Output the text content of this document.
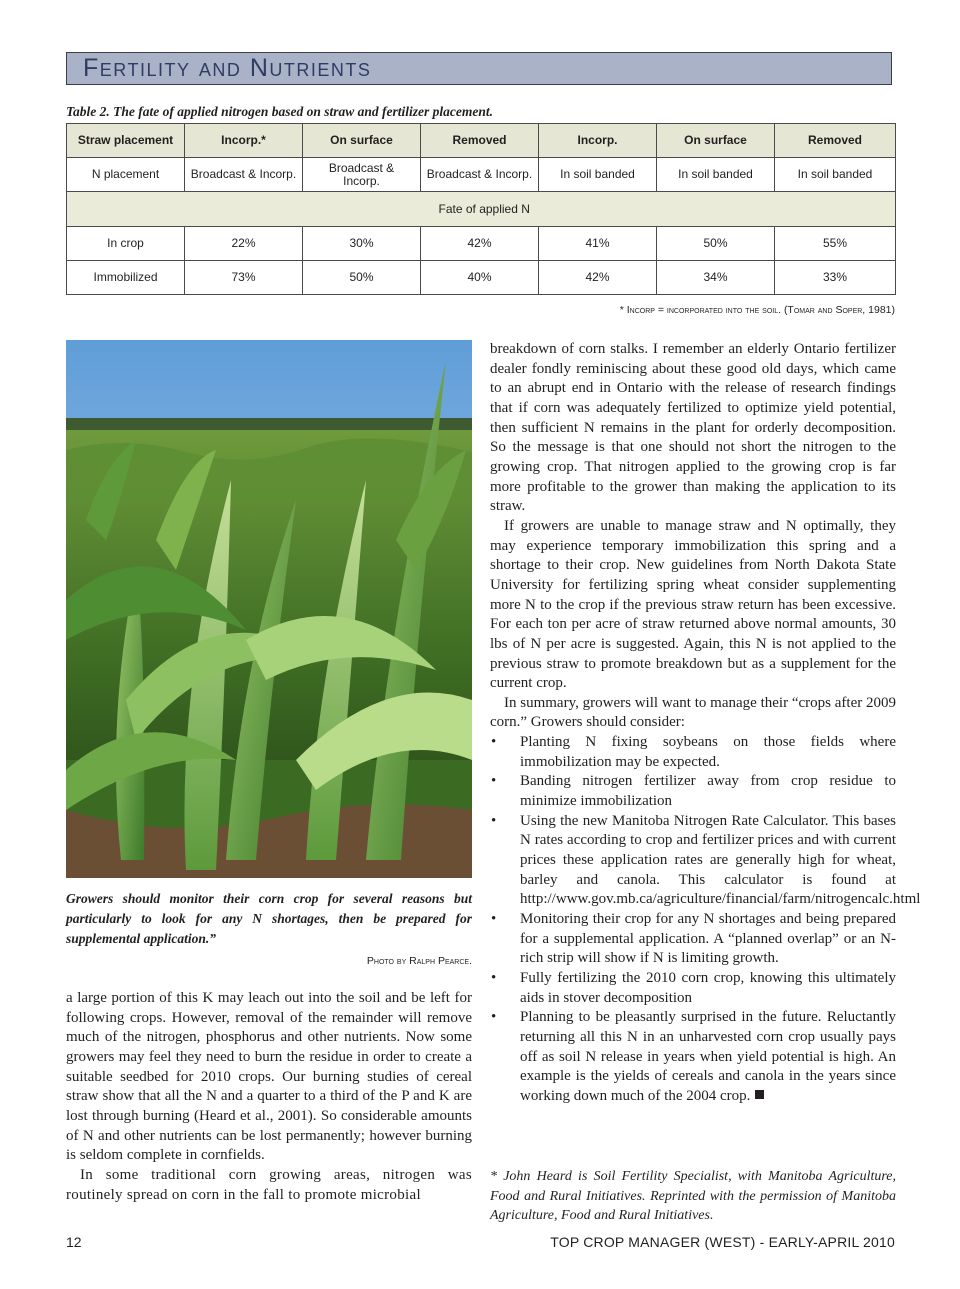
Fertility and Nutrients
Table 2. The fate of applied nitrogen based on straw and fertilizer placement.
Straw placement	Incorp.*	On surface	Removed	Incorp.	On surface	Removed
N placement	Broadcast & Incorp.	Broadcast & Incorp.	Broadcast & Incorp.	In soil banded	In soil banded	In soil banded
	Fate of applied N					
In crop	22%	30%	42%	41%	50%	55%
Immobilized	73%	50%	40%	42%	34%	33%
* Incorp = incorporated into the soil. (Tomar and Soper, 1981)
Growers should monitor their corn crop for several reasons but particularly to look for any N shortages, then be prepared for supplemental application.”
Photo by Ralph Pearce.

a large portion of this K may leach out into the soil and be left for following crops. However, removal of the remainder will remove much of the nitrogen, phosphorus and other nutrients. Now some growers may feel they need to burn the residue in order to create a suitable seedbed for 2010 crops. Our burning studies of cereal straw show that all the N and a quarter to a third of the P and K are lost through burning (Heard et al., 2001). So considerable amounts of N and other nutrients can be lost permanently; however burning is seldom complete in cornfields.

In some traditional corn growing areas, nitrogen was routinely spread on corn in the fall to promote microbial

breakdown of corn stalks. I remember an elderly Ontario fertilizer dealer fondly reminiscing about these good old days, which came to an abrupt end in Ontario with the release of research findings that if corn was adequately fertilized to optimize yield potential, then sufficient N remains in the plant for orderly decomposition. So the message is that one should not short the nitrogen to the growing crop. That nitrogen applied to the growing crop is far more profitable to the grower than making the application to its straw.

If growers are unable to manage straw and N optimally, they may experience temporary immobilization this spring and a shortage to their crop. New guidelines from North Dakota State University for fertilizing spring wheat consider supplementing more N to the crop if the previous straw return has been excessive. For each ton per acre of straw returned above normal amounts, 30 lbs of N per acre is suggested. Again, this N is not applied to the previous straw to promote breakdown but as a supplement for the current crop.

In summary, growers will want to manage their “crops after 2009 corn.” Growers should consider:

• Planting N fixing soybeans on those fields where immobilization may be expected.
• Banding nitrogen fertilizer away from crop residue to minimize immobilization
• Using the new Manitoba Nitrogen Rate Calculator. This bases N rates according to crop and fertilizer prices and with current prices these application rates are generally high for wheat, barley and canola. This calculator is found at http://www.gov.mb.ca/agriculture/financial/farm/nitrogencalc.html
• Monitoring their crop for any N shortages and being prepared for a supplemental application. A “planned overlap” or an N-rich strip will show if N is limiting growth.
• Fully fertilizing the 2010 corn crop, knowing this ultimately aids in stover decomposition
• Planning to be pleasantly surprised in the future. Reluctantly returning all this N in an unharvested corn crop usually pays off as soil N release in years when yield potential is high. An example is the yields of cereals and canola in the years since working down much of the 2004 crop.
* John Heard is Soil Fertility Specialist, with Manitoba Agriculture, Food and Rural Initiatives. Reprinted with the permission of Manitoba Agriculture, Food and Rural Initiatives.
12	TOP CROP MANAGER (WEST) - EARLY-APRIL 2010
